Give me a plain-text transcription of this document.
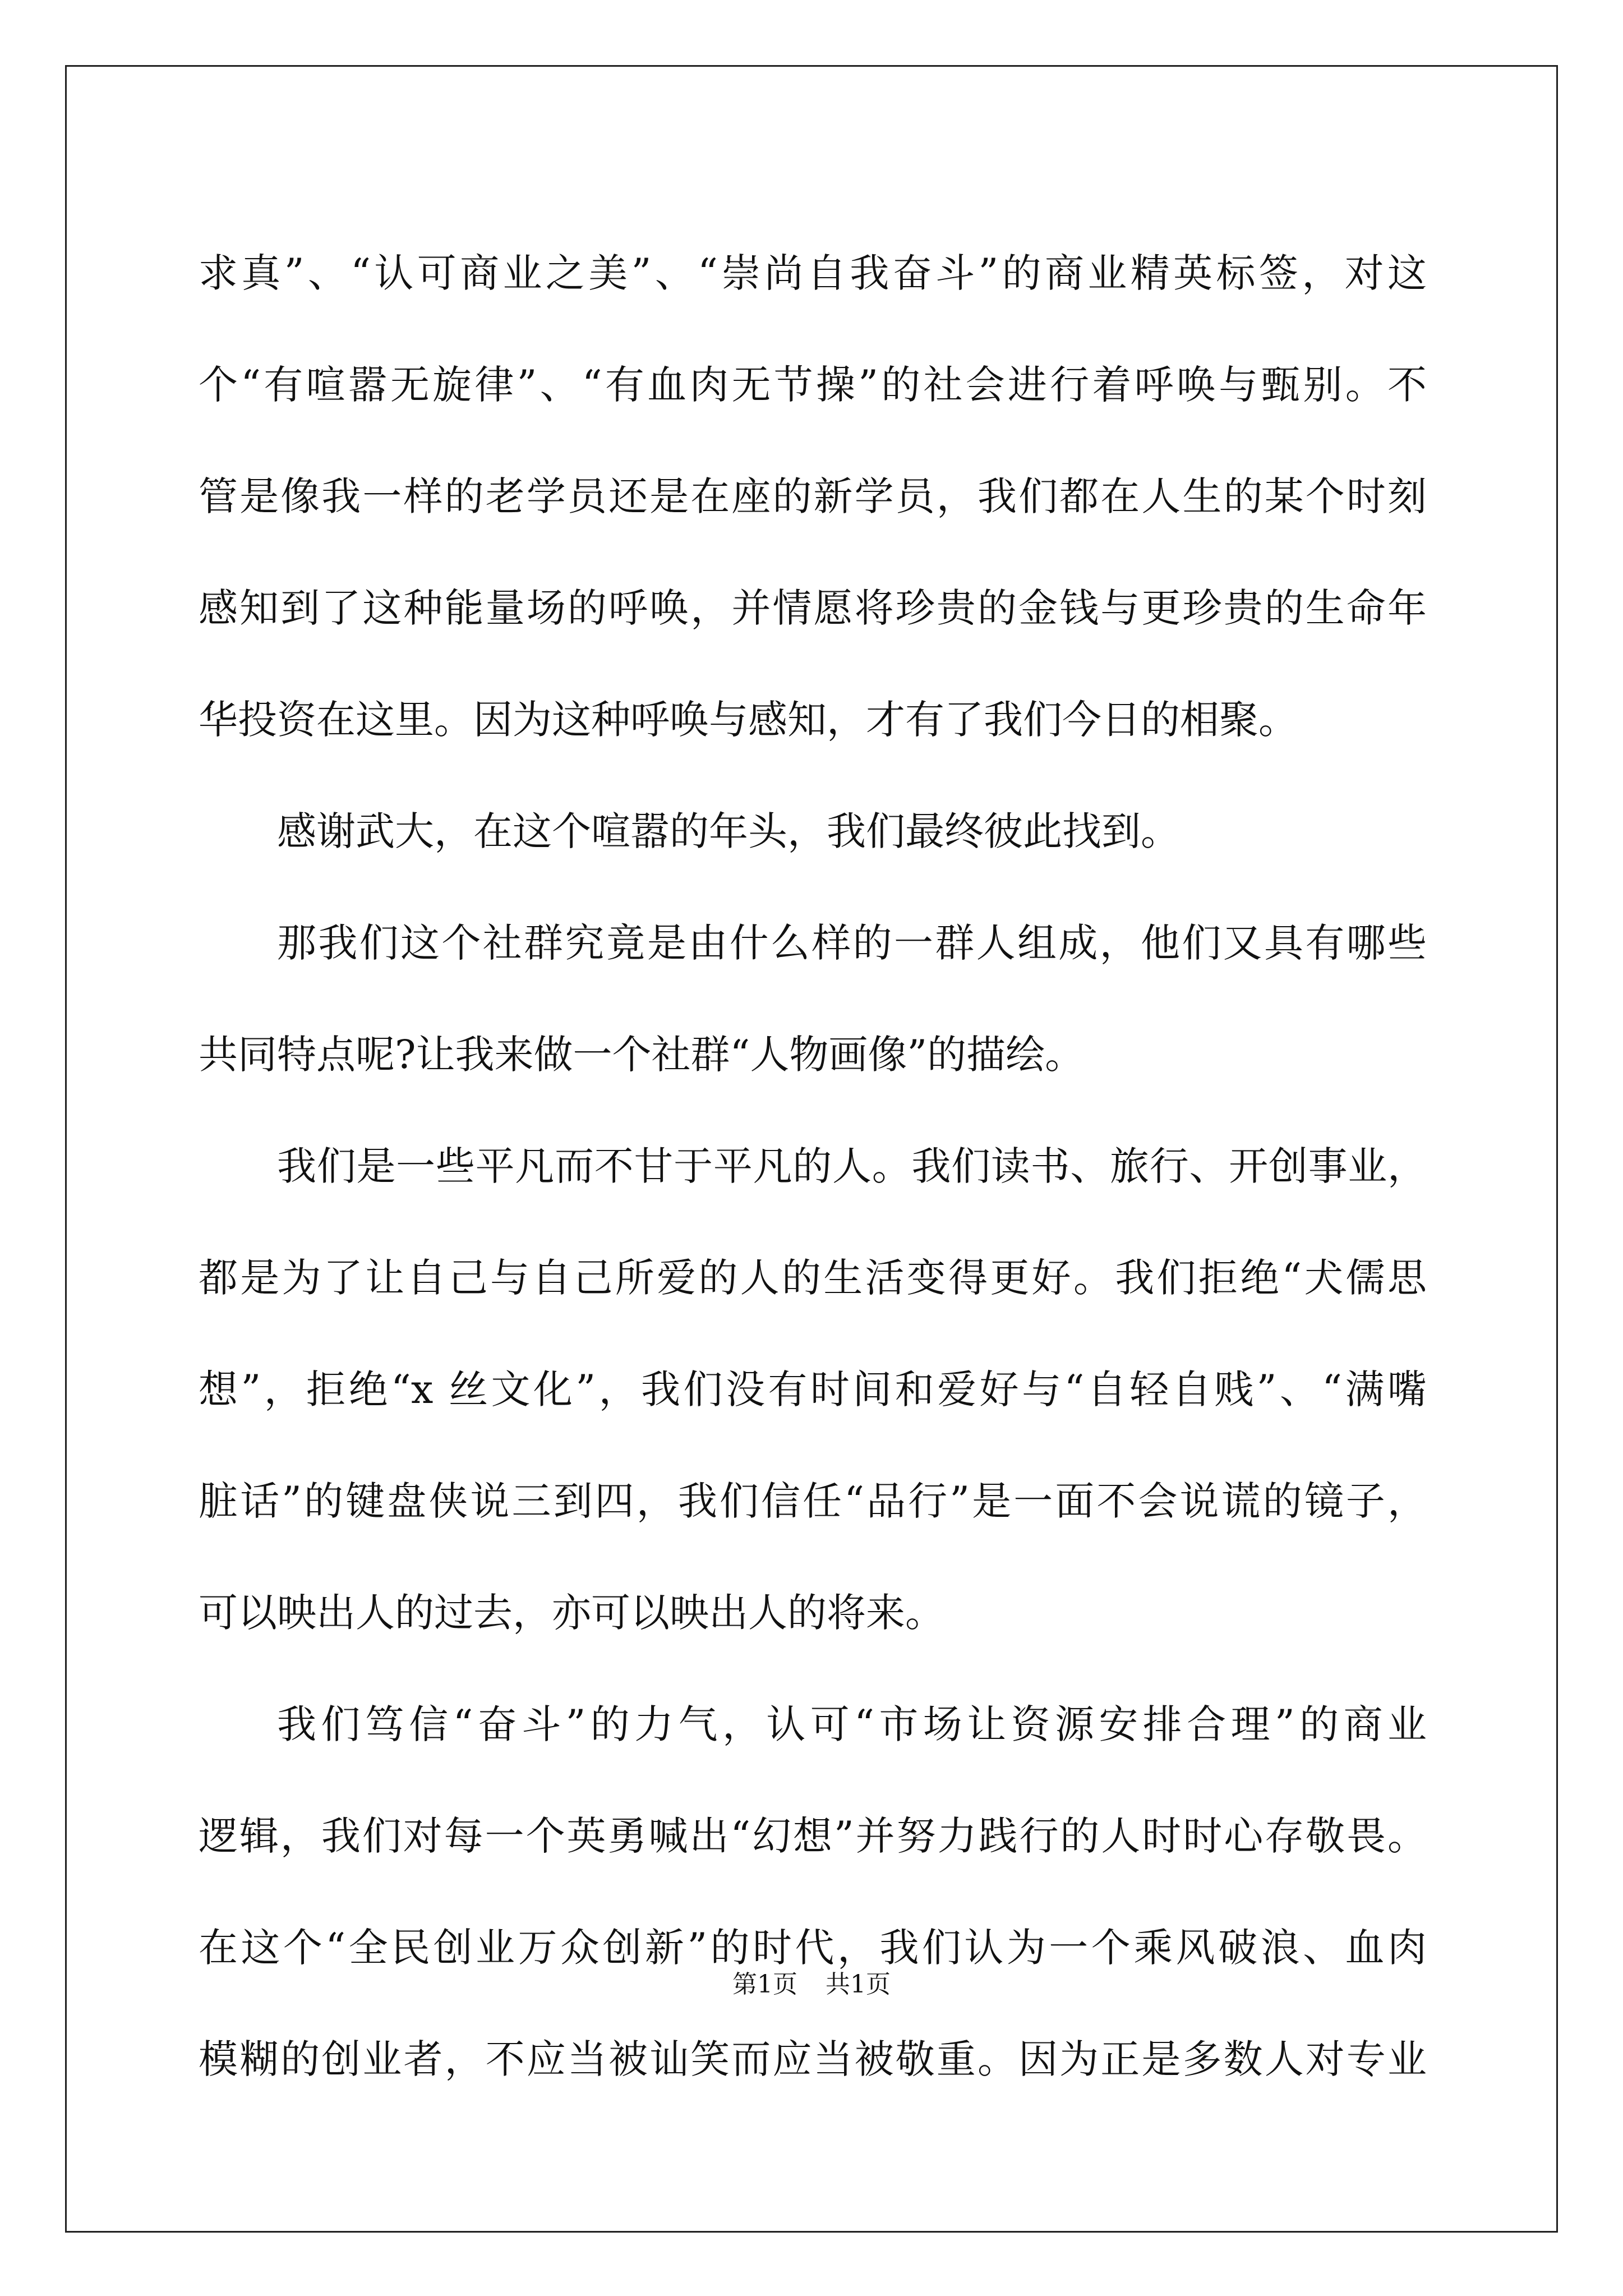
求真”、“认可商业之美”、“崇尚自我奋斗”的商业精英标签，对这
个“有喧嚣无旋律”、“有血肉无节操”的社会进行着呼唤与甄别。不
管是像我一样的老学员还是在座的新学员，我们都在人生的某个时刻
感知到了这种能量场的呼唤，并情愿将珍贵的金钱与更珍贵的生命年
华投资在这里。因为这种呼唤与感知，才有了我们今日的相聚。
感谢武大，在这个喧嚣的年头，我们最终彼此找到。
那我们这个社群究竟是由什么样的一群人组成，他们又具有哪些
共同特点呢?让我来做一个社群“人物画像”的描绘。
我们是一些平凡而不甘于平凡的人。我们读书、旅行、开创事业，
都是为了让自己与自己所爱的人的生活变得更好。我们拒绝“犬儒思
想”，拒绝“x 丝文化”，我们没有时间和爱好与“自轻自贱”、“满嘴
脏话”的键盘侠说三到四，我们信任“品行”是一面不会说谎的镜子，
可以映出人的过去，亦可以映出人的将来。
我们笃信“奋斗”的力气，认可“市场让资源安排合理”的商业
逻辑，我们对每一个英勇喊出“幻想”并努力践行的人时时心存敬畏。
在这个“全民创业万众创新”的时代，我们认为一个乘风破浪、血肉
模糊的创业者，不应当被讪笑而应当被敬重。因为正是多数人对专业
第1页 共1页
